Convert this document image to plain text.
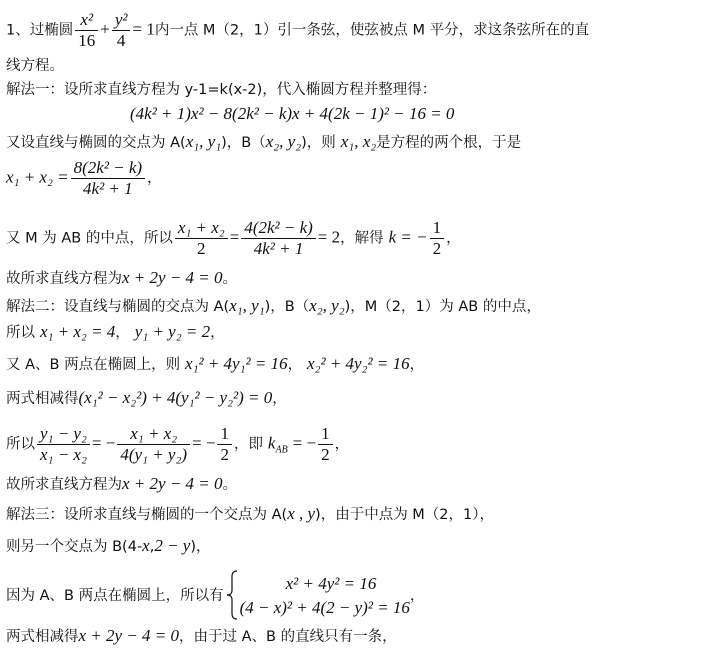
1、过椭圆 $\frac{\text{x²}}{16} + \frac{\text{y²}}{4} = 1$内一点 M（2，1）引一条弦，使弦被点 M 平分，求这条弦所在的直
线方程。
解法一：设所求直线方程为 y-1=k(x-2)，代入椭圆方程并整理得：
(4k² + 1)x² − 8(2k² − k)x + 4(2k − 1)² − 16 = 0
又设直线与椭圆的交点为 A(x₁, y₁)，B（x₂, y₂)，则 x₁, x₂是方程的两个根，于是
$x_1 + x_2 = \frac{\text{8(2k² − k)}}{\text{4k² + 1}}$ ，
又 M 为 AB 的中点，所以 $\frac{\text{x₁ + x₂}}{2} = \frac{\text{4(2k² − k)}}{\text{4k² + 1}} = 2$，解得 k = − $\frac{1}{2}$ ，
故所求直线方程为x + 2y − 4 = 0。
解法二：设直线与椭圆的交点为 A(x₁, y₁)，B（x₂, y₂)，M（2，1）为 AB 的中点，
所以 x₁ + x₂ = 4， y₁ + y₂ = 2，
又 A、B 两点在椭圆上，则 x₁² + 4y₁² = 16， x₂² + 4y₂² = 16，
两式相减得(x₁² − x₂²) + 4(y₁² − y₂²) = 0，
所以 $\frac{\text{y₁ − y₂}}{\text{x₁ − x₂}}$ = − $\frac{\text{x₁ + x₂}}{\text{4(y₁ + y₂)}}$ = − $\frac{1}{2}$ ，即 $k_{AB}$ = − $\frac{1}{2}$ ，
故所求直线方程为x + 2y − 4 = 0。
解法三：设所求直线与椭圆的一个交点为 A(x , y)，由于中点为 M（2，1），
则另一个交点为 B(4-x,2 − y)，
因为 A、B 两点在椭圆上，所以有
x² + 4y² = 16
(4 − x)² + 4(2 − y)² = 16
，
两式相减得x + 2y − 4 = 0，由于过 A、B 的直线只有一条，
